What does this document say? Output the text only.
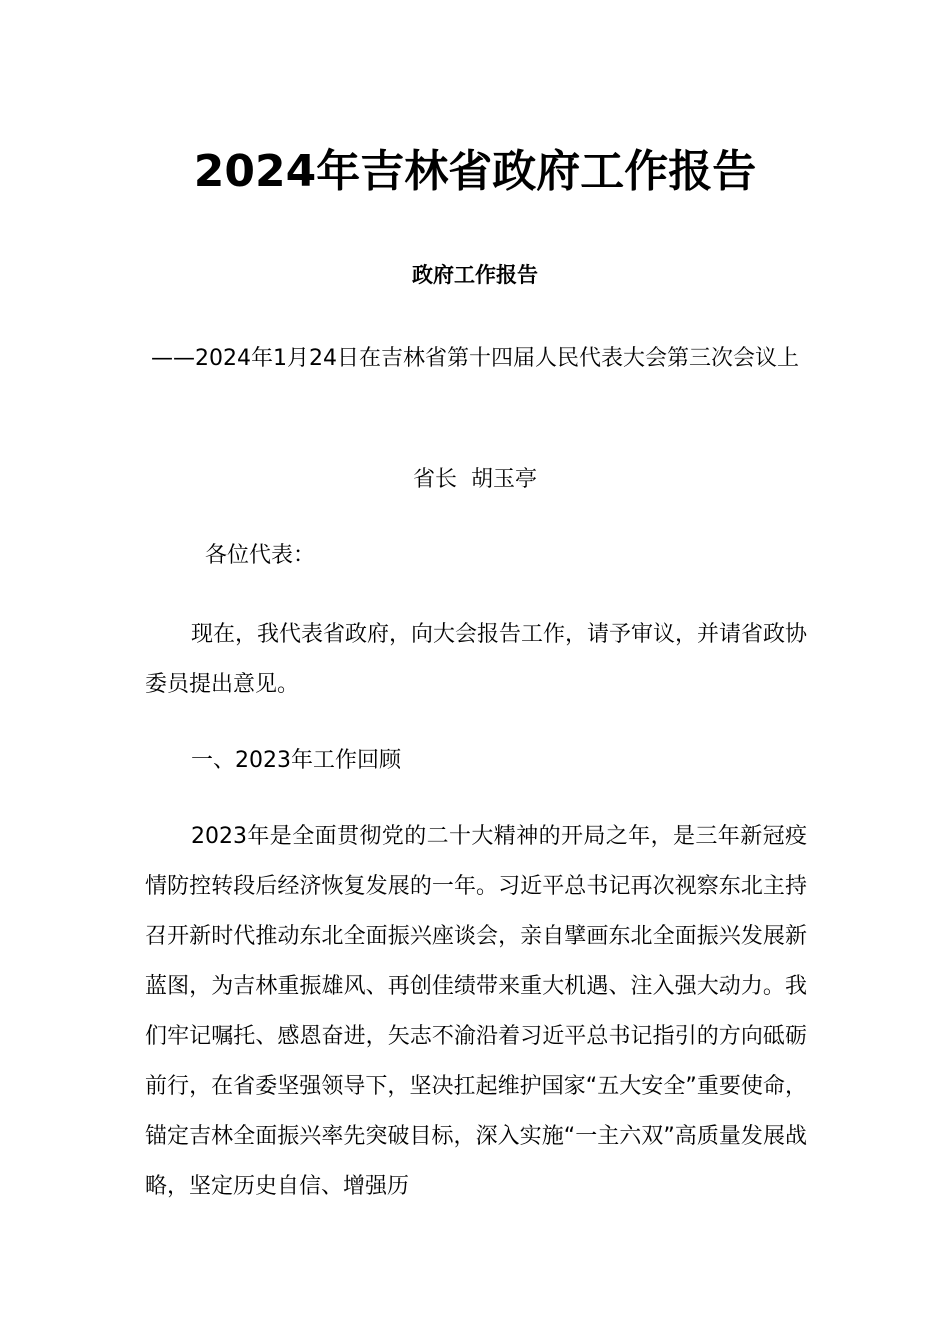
2024年吉林省政府工作报告
政府工作报告
——2024年1月24日在吉林省第十四届人民代表大会第三次会议上
省长  胡玉亭
各位代表：
现在，我代表省政府，向大会报告工作，请予审议，并请省政协委员提出意见。
一、2023年工作回顾
2023年是全面贯彻党的二十大精神的开局之年，是三年新冠疫情防控转段后经济恢复发展的一年。习近平总书记再次视察东北主持召开新时代推动东北全面振兴座谈会，亲自擘画东北全面振兴发展新蓝图，为吉林重振雄风、再创佳绩带来重大机遇、注入强大动力。我们牢记嘱托、感恩奋进，矢志不渝沿着习近平总书记指引的方向砥砺前行，在省委坚强领导下，坚决扛起维护国家“五大安全”重要使命，锚定吉林全面振兴率先突破目标，深入实施“一主六双”高质量发展战略，坚定历史自信、增强历
